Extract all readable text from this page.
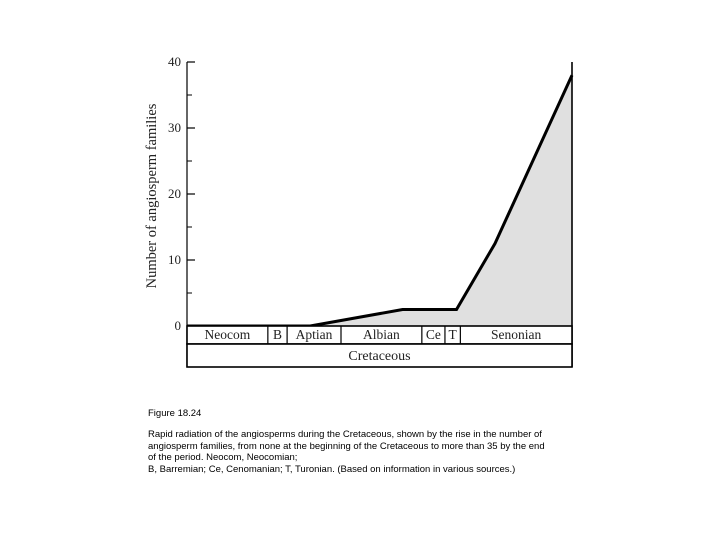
0
10
20
30
40
Number of angiosperm families
Neocom B Aptian Albian Ce T	Senonian
Cretaceous
Figure 18.24

Rapid radiation of the angiosperms during the Cretaceous, shown by the rise in the number of
angiosperm families, from none at the beginning of the Cretaceous to more than 35 by the end
of the period. Neocom, Neocomian;
B, Barremian; Ce, Cenomanian; T, Turonian. (Based on information in various sources.)
